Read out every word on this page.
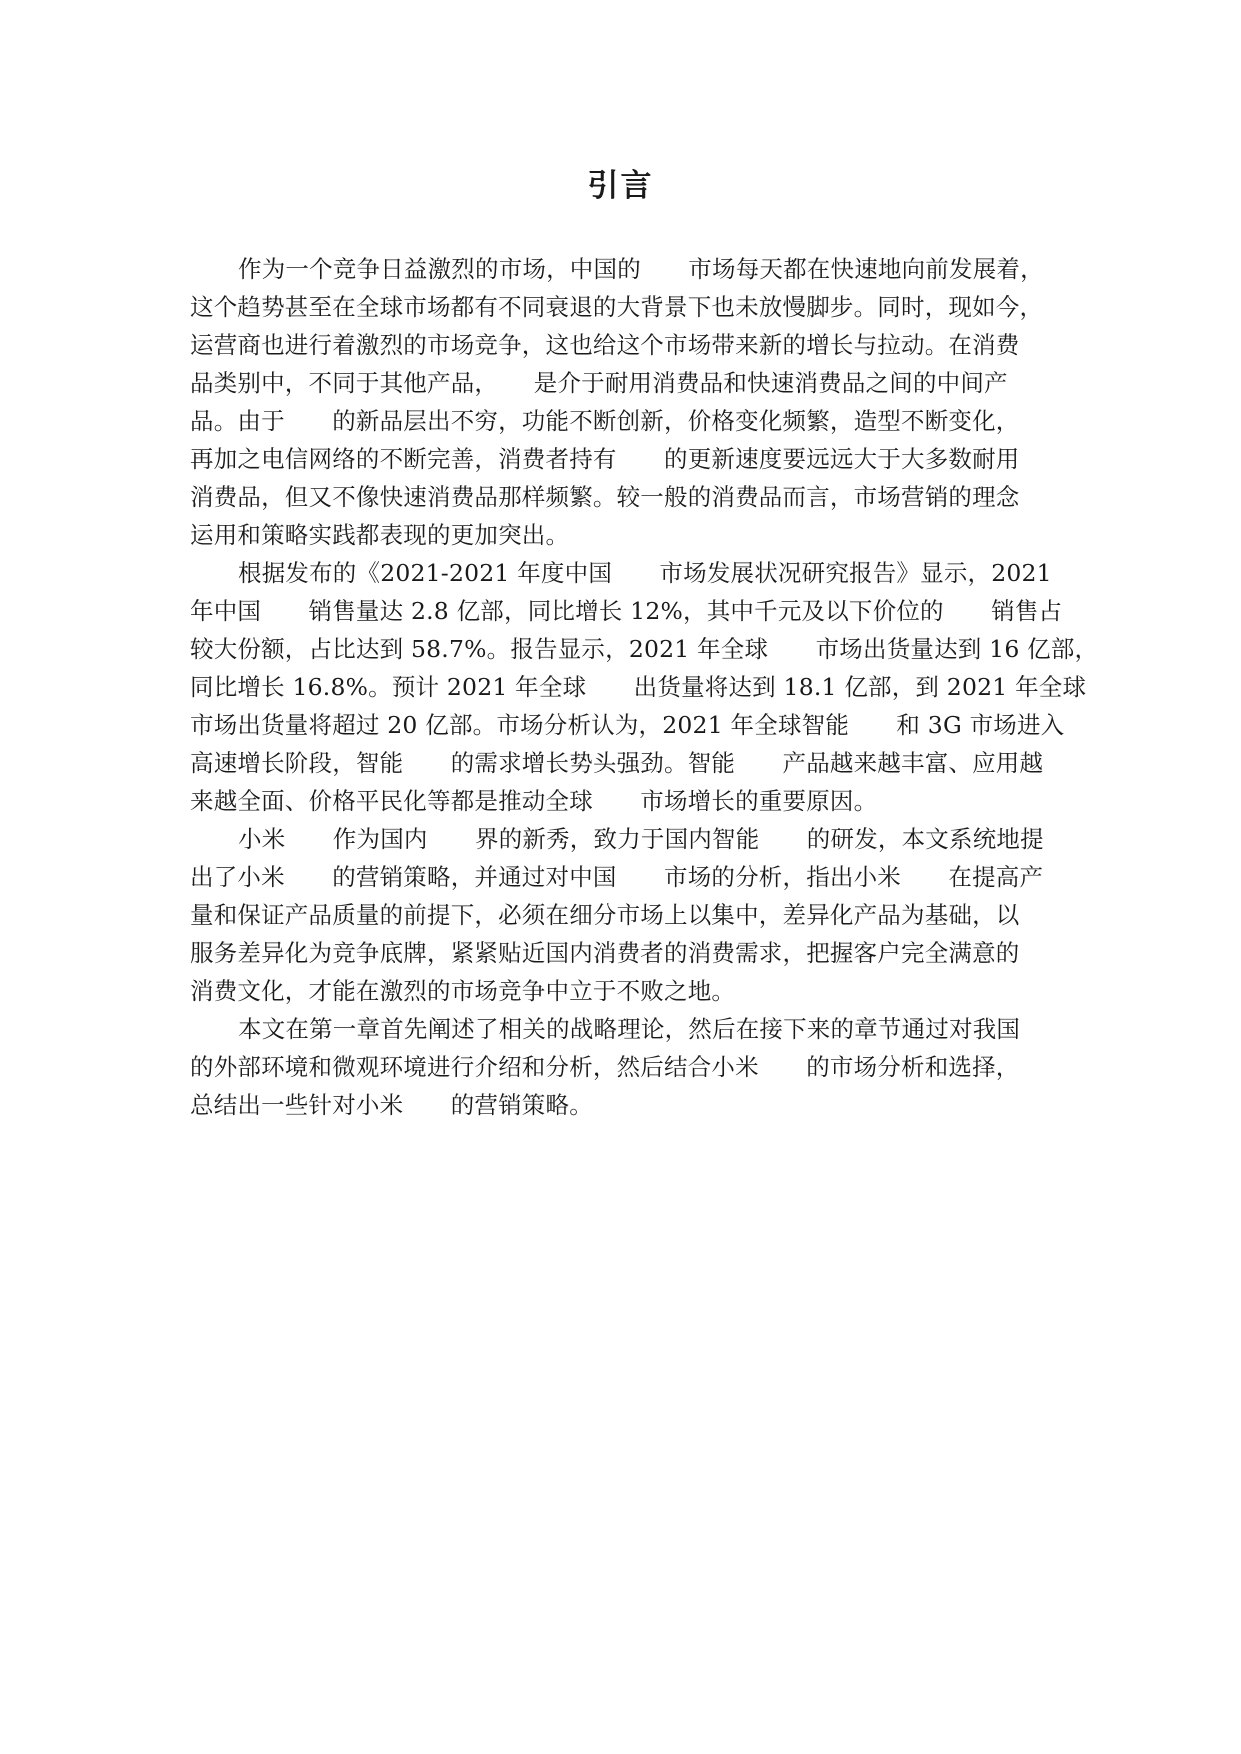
引言
作为一个竞争日益激烈的市场，中国的　　市场每天都在快速地向前发展着，
这个趋势甚至在全球市场都有不同衰退的大背景下也未放慢脚步。同时，现如今，
运营商也进行着激烈的市场竞争，这也给这个市场带来新的增长与拉动。在消费
品类别中，不同于其他产品，　　是介于耐用消费品和快速消费品之间的中间产
品。由于　　的新品层出不穷，功能不断创新，价格变化频繁，造型不断变化，
再加之电信网络的不断完善，消费者持有　　的更新速度要远远大于大多数耐用
消费品，但又不像快速消费品那样频繁。较一般的消费品而言，市场营销的理念
运用和策略实践都表现的更加突出。
根据发布的《2021-2021 年度中国　　市场发展状况研究报告》显示，2021
年中国　　销售量达 2.8 亿部，同比增长 12%，其中千元及以下价位的　　销售占
较大份额，占比达到 58.7%。报告显示，2021 年全球　　市场出货量达到 16 亿部，
同比增长 16.8%。预计 2021 年全球　　出货量将达到 18.1 亿部，到 2021 年全球
市场出货量将超过 20 亿部。市场分析认为，2021 年全球智能　　和 3G 市场进入
高速增长阶段，智能　　的需求增长势头强劲。智能　　产品越来越丰富、应用越
来越全面、价格平民化等都是推动全球　　市场增长的重要原因。
小米　　作为国内　　界的新秀，致力于国内智能　　的研发，本文系统地提
出了小米　　的营销策略，并通过对中国　　市场的分析，指出小米　　在提高产
量和保证产品质量的前提下，必须在细分市场上以集中，差异化产品为基础，以
服务差异化为竞争底牌，紧紧贴近国内消费者的消费需求，把握客户完全满意的
消费文化，才能在激烈的市场竞争中立于不败之地。
本文在第一章首先阐述了相关的战略理论，然后在接下来的章节通过对我国
的外部环境和微观环境进行介绍和分析，然后结合小米　　的市场分析和选择，
总结出一些针对小米　　的营销策略。
